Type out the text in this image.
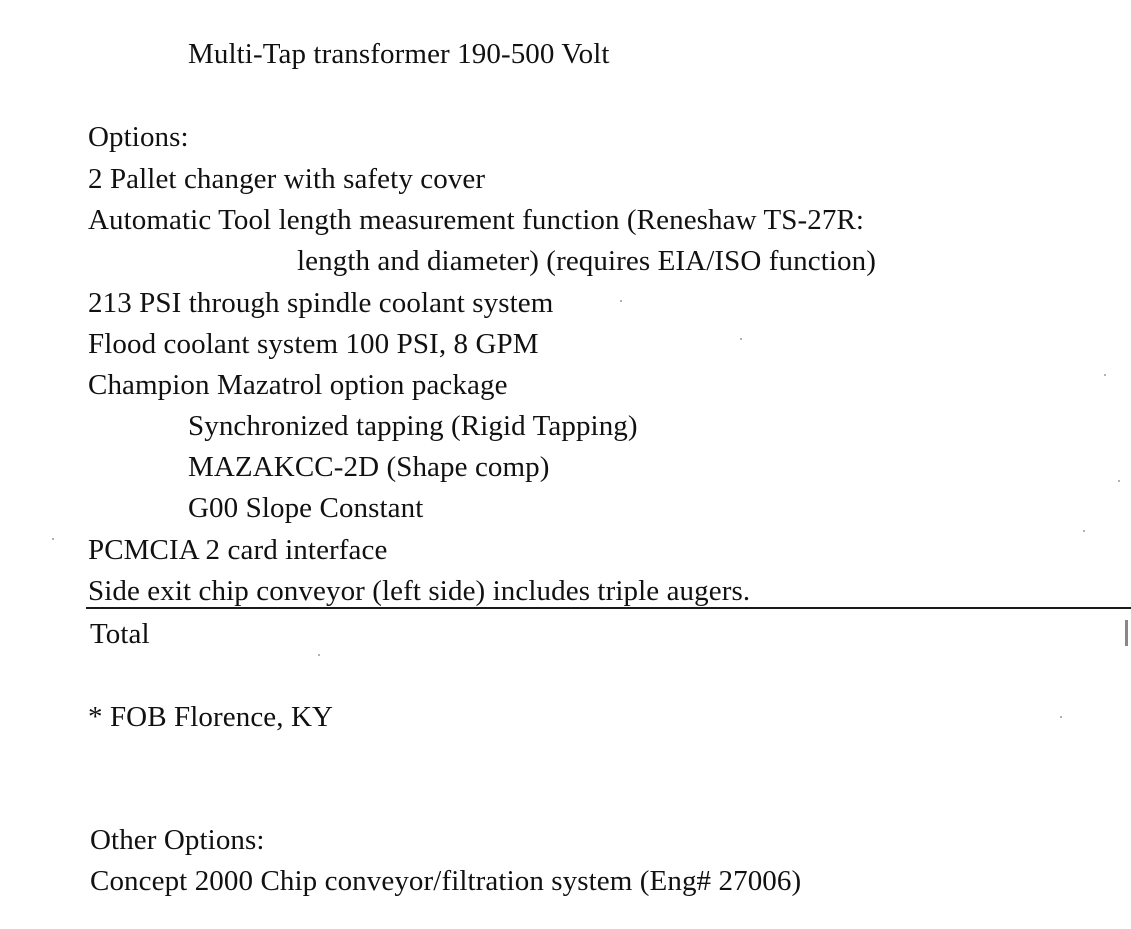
Multi-Tap transformer 190-500 Volt
Options:
2 Pallet changer with safety cover
Automatic Tool length measurement function (Reneshaw TS-27R:
length and diameter) (requires EIA/ISO function)
213 PSI through spindle coolant system
Flood coolant system 100 PSI, 8 GPM
Champion Mazatrol option package
Synchronized tapping (Rigid Tapping)
MAZAKCC-2D (Shape comp)
G00 Slope Constant
PCMCIA 2 card interface
Side exit chip conveyor (left side) includes triple augers.
Total
* FOB Florence, KY
Other Options:
Concept 2000 Chip conveyor/filtration system (Eng# 27006)
